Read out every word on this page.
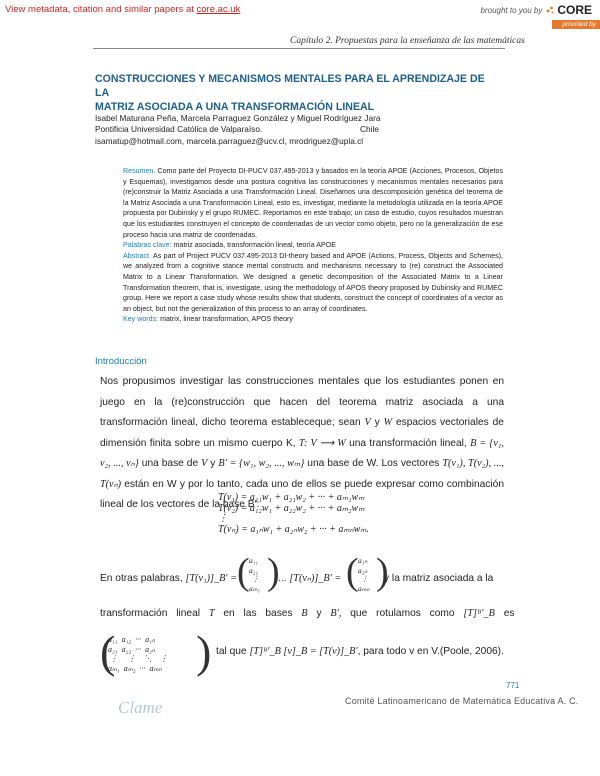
View metadata, citation and similar papers at core.ac.uk	brought to you by CORE
provided by
Capítulo 2. Propuestas para la enseñanza de las matemáticas
CONSTRUCCIONES Y MECANISMOS MENTALES PARA EL APRENDIZAJE DE LA
MATRIZ ASOCIADA A UNA TRANSFORMACIÓN LINEAL
Isabel Maturana Peña, Marcela Parraguez González y Miguel Rodríguez Jara
Pontificia Universidad Católica de Valparaíso.	Chile
isamatup@hotmail.com, marcela.parraguez@ucv.cl, mrodriguez@upla.cl

Resumen. Como parte del Proyecto DI-PUCV 037.495-2013 y basados en la teoría APOE (Acciones, Procesos, Objetos y Esquemas), investigamos desde una postura cognitiva las construcciones y mecanismos mentales necesarios para (re)construir la Matriz Asociada a una Transformación Lineal. Diseñamos una descomposición genética del teorema de la Matriz Asociada a una Transformación Lineal, esto es, investigar, mediante la metodología utilizada en la teoría APOE propuesta por Dubinsky y el grupo RUMEC. Reportamos en este trabajo; un caso de estudio, cuyos resultados muestran que los estudiantes construyen el concepto de coordenadas de un vector como objeto, pero no la generalización de ese proceso hacia una matriz de coordenadas.

Palabras clave: matriz asociada, transformación lineal, teoría APOE

Abstract. As part of Project PUCV 037.495-2013 DI-theory based and APOE (Actions, Process, Objects and Schemes), we analyzed from a cognitive stance mental constructs and mechanisms necessary to (re) construct the Associated Matrix to a Linear Transformation. We designed a genetic decomposition of the Associated Matrix to a Linear Transformation theorem, that is, investigate, using the methodology of APOS theory proposed by Dubinsky and RUMEC group. Here we report a case study whose results show that students, construct the concept of coordinates of a vector as an object, but not the generalization of this process to an array of coordinates.

Key words: matrix, linear transformation, APOS theory

Introducción
Nos propusimos investigar las construcciones mentales que los estudiantes ponen en juego en la (re)construcción que hacen del teorema matriz asociada a una transformación lineal, dicho teorema estableceque; sean V y W espacios vectoriales de dimensión finita sobre un mismo cuerpo K, T: V ⟶ W una transformación lineal, B = {v₁, v₂, ..., vₙ} una base de V y B′ = {w₁, w₂, ..., wₘ} una base de W. Los vectores T(v₁), T(v₂), ..., T(vₙ) están en W y por lo tanto, cada uno de ellos se puede expresar como combinación lineal de los vectores de la base B′:
T(v₁) = a₁₁w₁ + a₂₁w₂ + ··· + aₘ₁wₘ
T(v₂) = a₁₂w₁ + a₂₂w₂ + ··· + aₘ₂wₘ
⋮
T(vₙ) = a₁ₙw₁ + a₂ₙw₂ + ··· + aₘₙwₘ.
En otras palabras, [T(v₁)]_B′ = ( )
a₁₁
a₂₁
⋮
aₘ₁
... [T(vₙ)]_B′ = ( )
a₁ₙ
a₂ₙ
⋮
aₘₙ
y la matriz asociada a la
transformación lineal T en las bases B y B′, que rotulamos como [T]ᴮ′_B es
( )
a₁₁  a₁₂  ···  a₁ₙ
a₂₁  a₂₂  ···  a₂ₙ
⋮     ⋮    ⋱    ⋮
aₘ₁  aₘ₂  ···  aₘₙ
tal que [T]ᴮ′_B [v]_B = [T(v)]_B′, para todo v en V.(Poole, 2006).
771
Clame	Comité Latinoamericano de Matemática Educativa A. C.
